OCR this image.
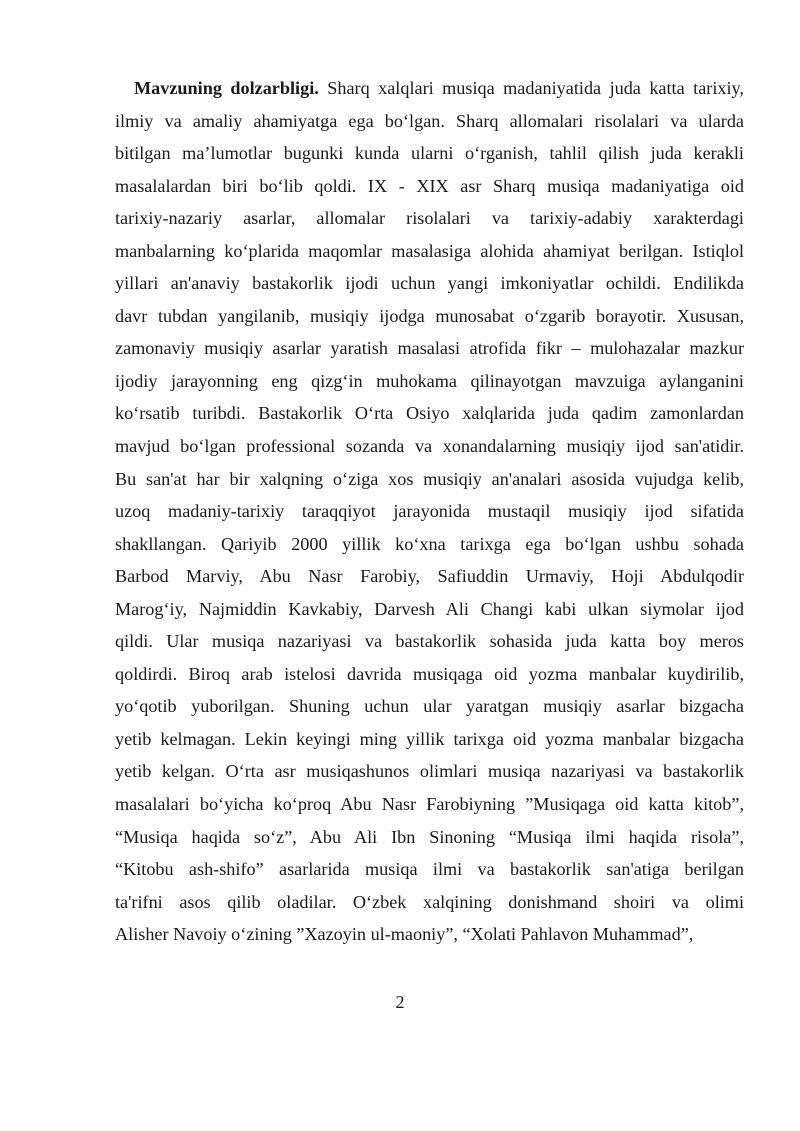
Mavzuning dolzarbligi. Sharq xalqlari musiqa madaniyatida juda katta tarixiy,
ilmiy va amaliy ahamiyatga ega bo‘lgan. Sharq allomalari risolalari va ularda
bitilgan ma’lumotlar bugunki kunda ularni o‘rganish, tahlil qilish juda kerakli
masalalardan biri bo‘lib qoldi. IX - XIX asr Sharq musiqa madaniyatiga oid
tarixiy-nazariy asarlar, allomalar risolalari va tarixiy-adabiy xarakterdagi
manbalarning ko‘plarida maqomlar masalasiga alohida ahamiyat berilgan. Istiqlol
yillari an'anaviy bastakorlik ijodi uchun yangi imkoniyatlar ochildi. Endilikda
davr tubdan yangilanib, musiqiy ijodga munosabat o‘zgarib borayotir. Xususan,
zamonaviy musiqiy asarlar yaratish masalasi atrofida fikr – mulohazalar mazkur
ijodiy jarayonning eng qizg‘in muhokama qilinayotgan mavzuiga aylanganini
ko‘rsatib turibdi. Bastakorlik O‘rta Osiyo xalqlarida juda qadim zamonlardan
mavjud bo‘lgan professional sozanda va xonandalarning musiqiy ijod san'atidir.
Bu san'at har bir xalqning o‘ziga xos musiqiy an'analari asosida vujudga kelib,
uzoq madaniy-tarixiy taraqqiyot jarayonida mustaqil musiqiy ijod sifatida
shakllangan. Qariyib 2000 yillik ko‘xna tarixga ega bo‘lgan ushbu sohada
Barbod Marviy, Abu Nasr Farobiy, Safiuddin Urmaviy, Hoji Abdulqodir
Marog‘iy, Najmiddin Kavkabiy, Darvesh Ali Changi kabi ulkan siymolar ijod
qildi. Ular musiqa nazariyasi va bastakorlik sohasida juda katta boy meros
qoldirdi. Biroq arab istelosi davrida musiqaga oid yozma manbalar kuydirilib,
yo‘qotib yuborilgan. Shuning uchun ular yaratgan musiqiy asarlar bizgacha
yetib kelmagan. Lekin keyingi ming yillik tarixga oid yozma manbalar bizgacha
yetib kelgan. O‘rta asr musiqashunos olimlari musiqa nazariyasi va bastakorlik
masalalari bo‘yicha ko‘proq Abu Nasr Farobiyning ”Musiqaga oid katta kitob”,
“Musiqa haqida so‘z”, Abu Ali Ibn Sinoning “Musiqa ilmi haqida risola”,
“Kitobu ash-shifo” asarlarida musiqa ilmi va bastakorlik san'atiga berilgan
ta'rifni asos qilib oladilar. O‘zbek xalqining donishmand shoiri va olimi
Alisher Navoiy o‘zining ”Xazoyin ul-maoniy”, “Xolati Pahlavon Muhammad”,
2
